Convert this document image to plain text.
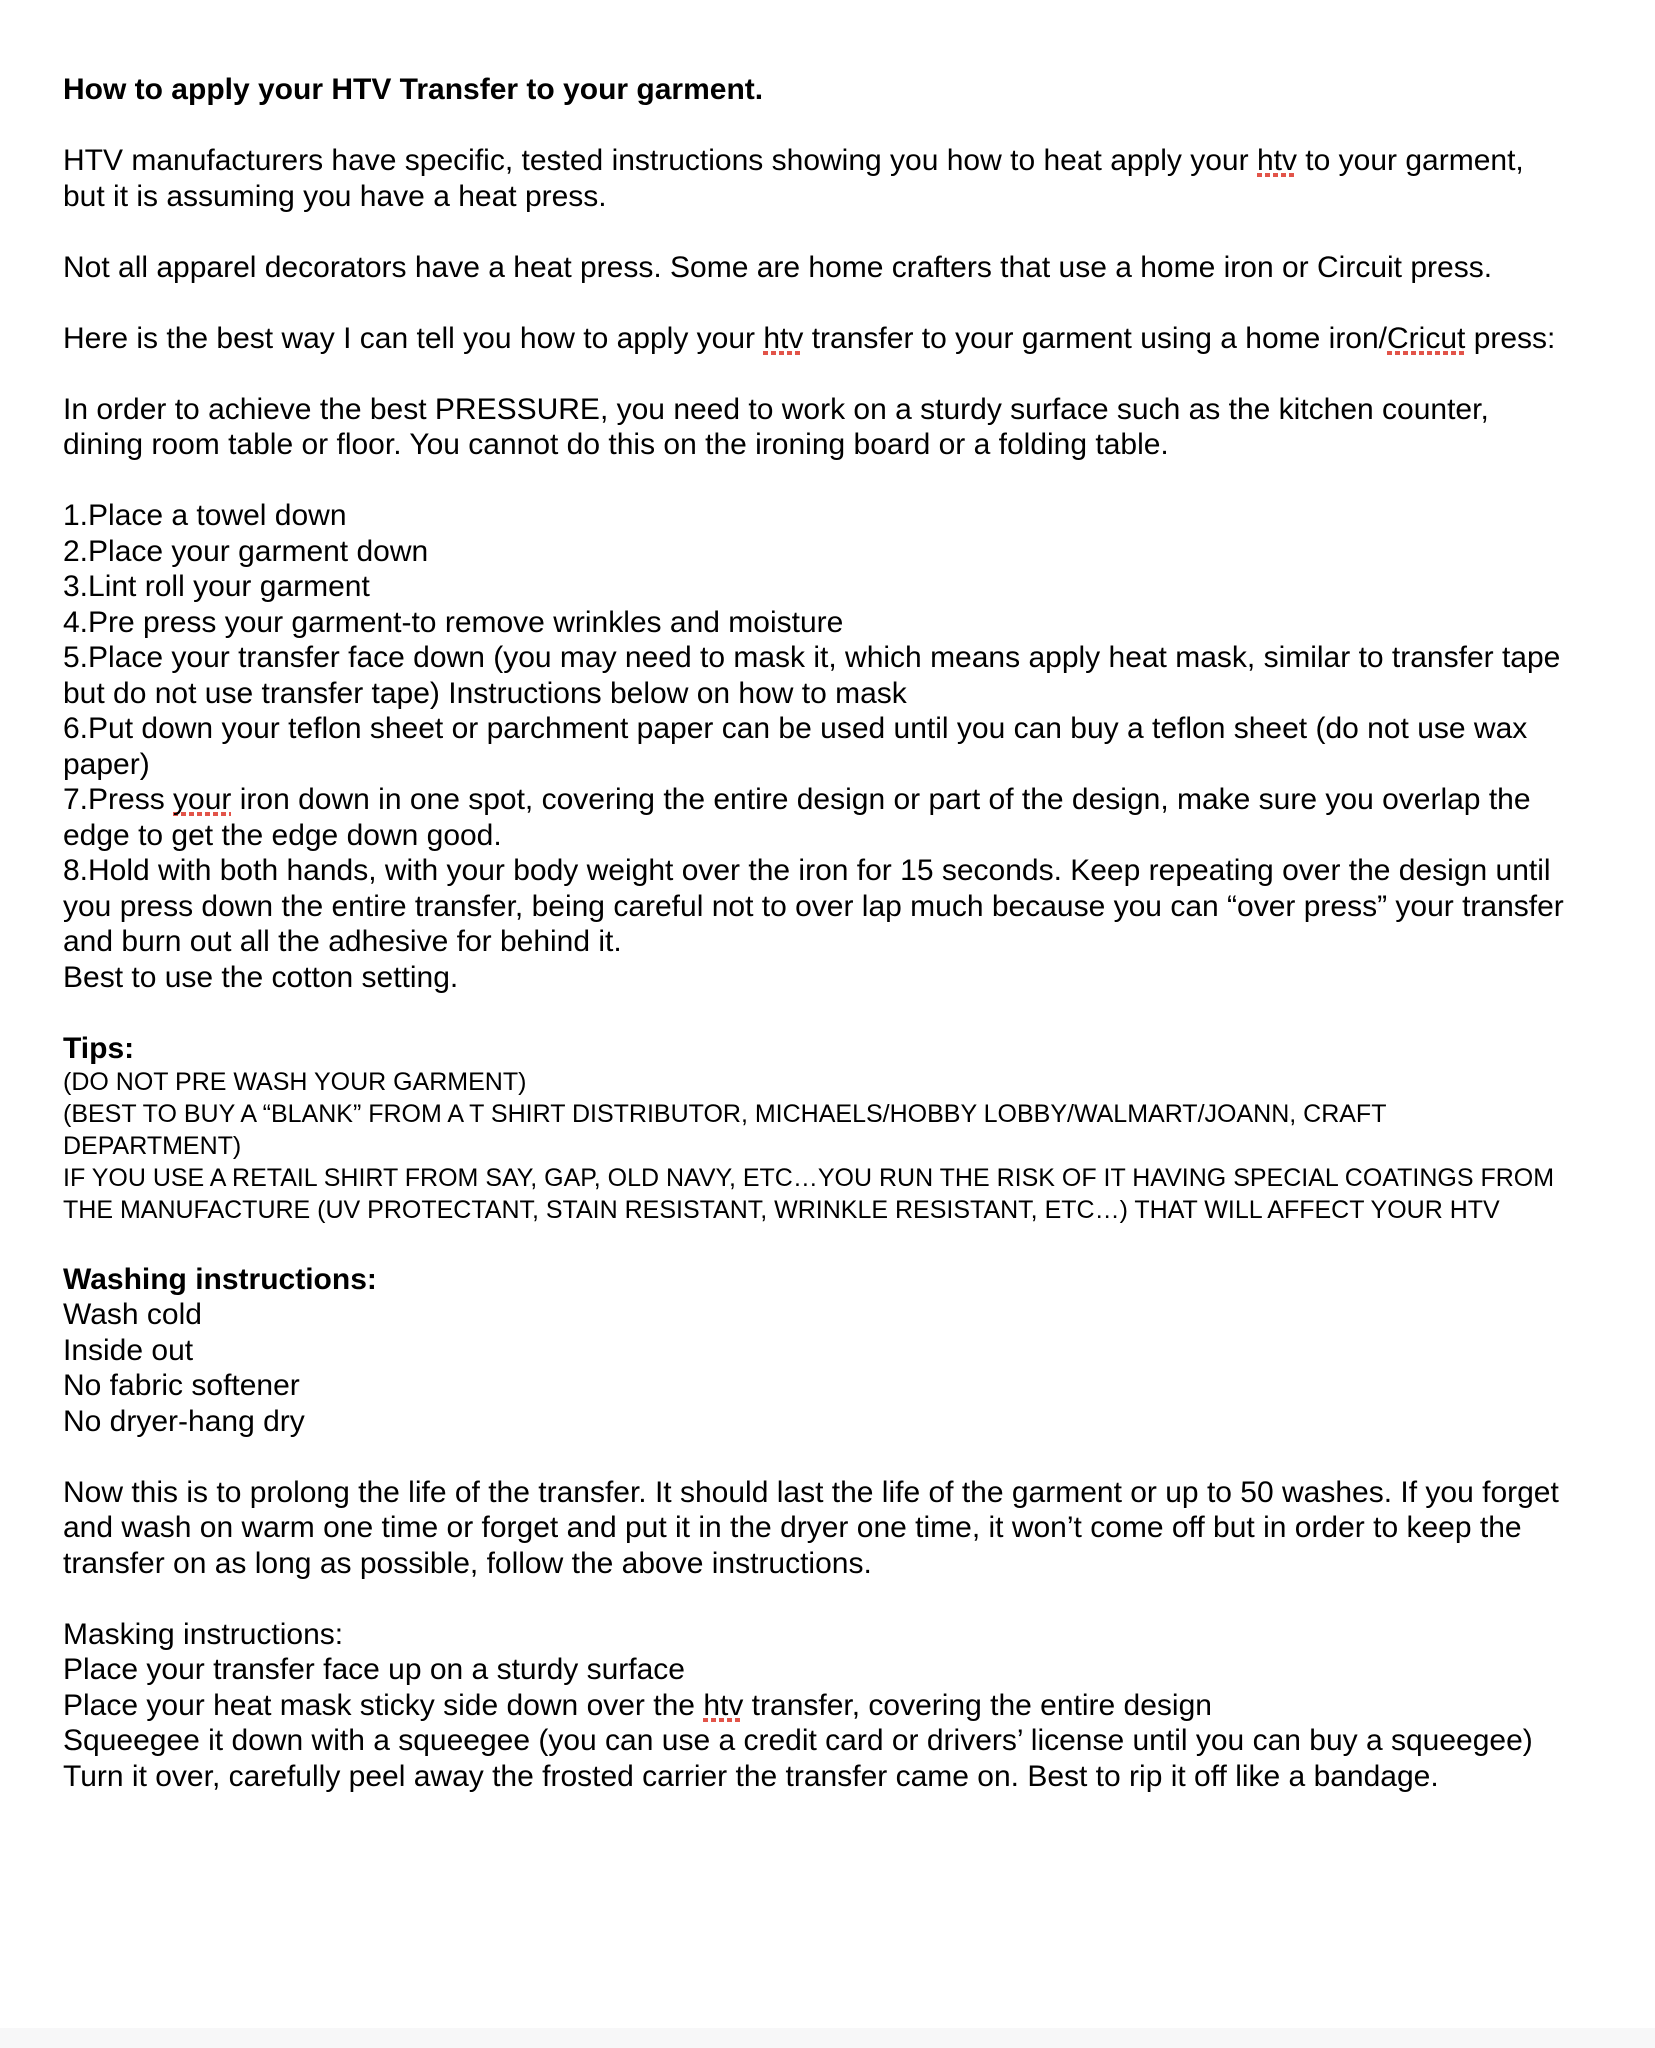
How to apply your HTV Transfer to your garment.

HTV manufacturers have specific, tested instructions showing you how to heat apply your htv to your garment, but it is assuming you have a heat press.

Not all apparel decorators have a heat press. Some are home crafters that use a home iron or Circuit press.

Here is the best way I can tell you how to apply your htv transfer to your garment using a home iron/Cricut press:

In order to achieve the best PRESSURE, you need to work on a sturdy surface such as the kitchen counter, dining room table or floor. You cannot do this on the ironing board or a folding table.

1.Place a towel down

2.Place your garment down

3.Lint roll your garment

4.Pre press your garment-to remove wrinkles and moisture

5.Place your transfer face down (you may need to mask it, which means apply heat mask, similar to transfer tape but do not use transfer tape) Instructions below on how to mask

6.Put down your teflon sheet or parchment paper can be used until you can buy a teflon sheet (do not use wax paper)

7.Press your iron down in one spot, covering the entire design or part of the design, make sure you overlap the edge to get the edge down good.

8.Hold with both hands, with your body weight over the iron for 15 seconds. Keep repeating over the design until you press down the entire transfer, being careful not to over lap much because you can “over press” your transfer and burn out all the adhesive for behind it.

Best to use the cotton setting.

Tips:

(DO NOT PRE WASH YOUR GARMENT)

(BEST TO BUY A “BLANK” FROM A T SHIRT DISTRIBUTOR, MICHAELS/HOBBY LOBBY/WALMART/JOANN, CRAFT DEPARTMENT)

IF YOU USE A RETAIL SHIRT FROM SAY, GAP, OLD NAVY, ETC…YOU RUN THE RISK OF IT HAVING SPECIAL COATINGS FROM THE MANUFACTURE (UV PROTECTANT, STAIN RESISTANT, WRINKLE RESISTANT, ETC…) THAT WILL AFFECT YOUR HTV

Washing instructions:

Wash cold

Inside out

No fabric softener

No dryer-hang dry

Now this is to prolong the life of the transfer. It should last the life of the garment or up to 50 washes. If you forget and wash on warm one time or forget and put it in the dryer one time, it won’t come off but in order to keep the transfer on as long as possible, follow the above instructions.

Masking instructions:

Place your transfer face up on a sturdy surface

Place your heat mask sticky side down over the htv transfer, covering the entire design

Squeegee it down with a squeegee (you can use a credit card or drivers’ license until you can buy a squeegee)

Turn it over, carefully peel away the frosted carrier the transfer came on. Best to rip it off like a bandage.
